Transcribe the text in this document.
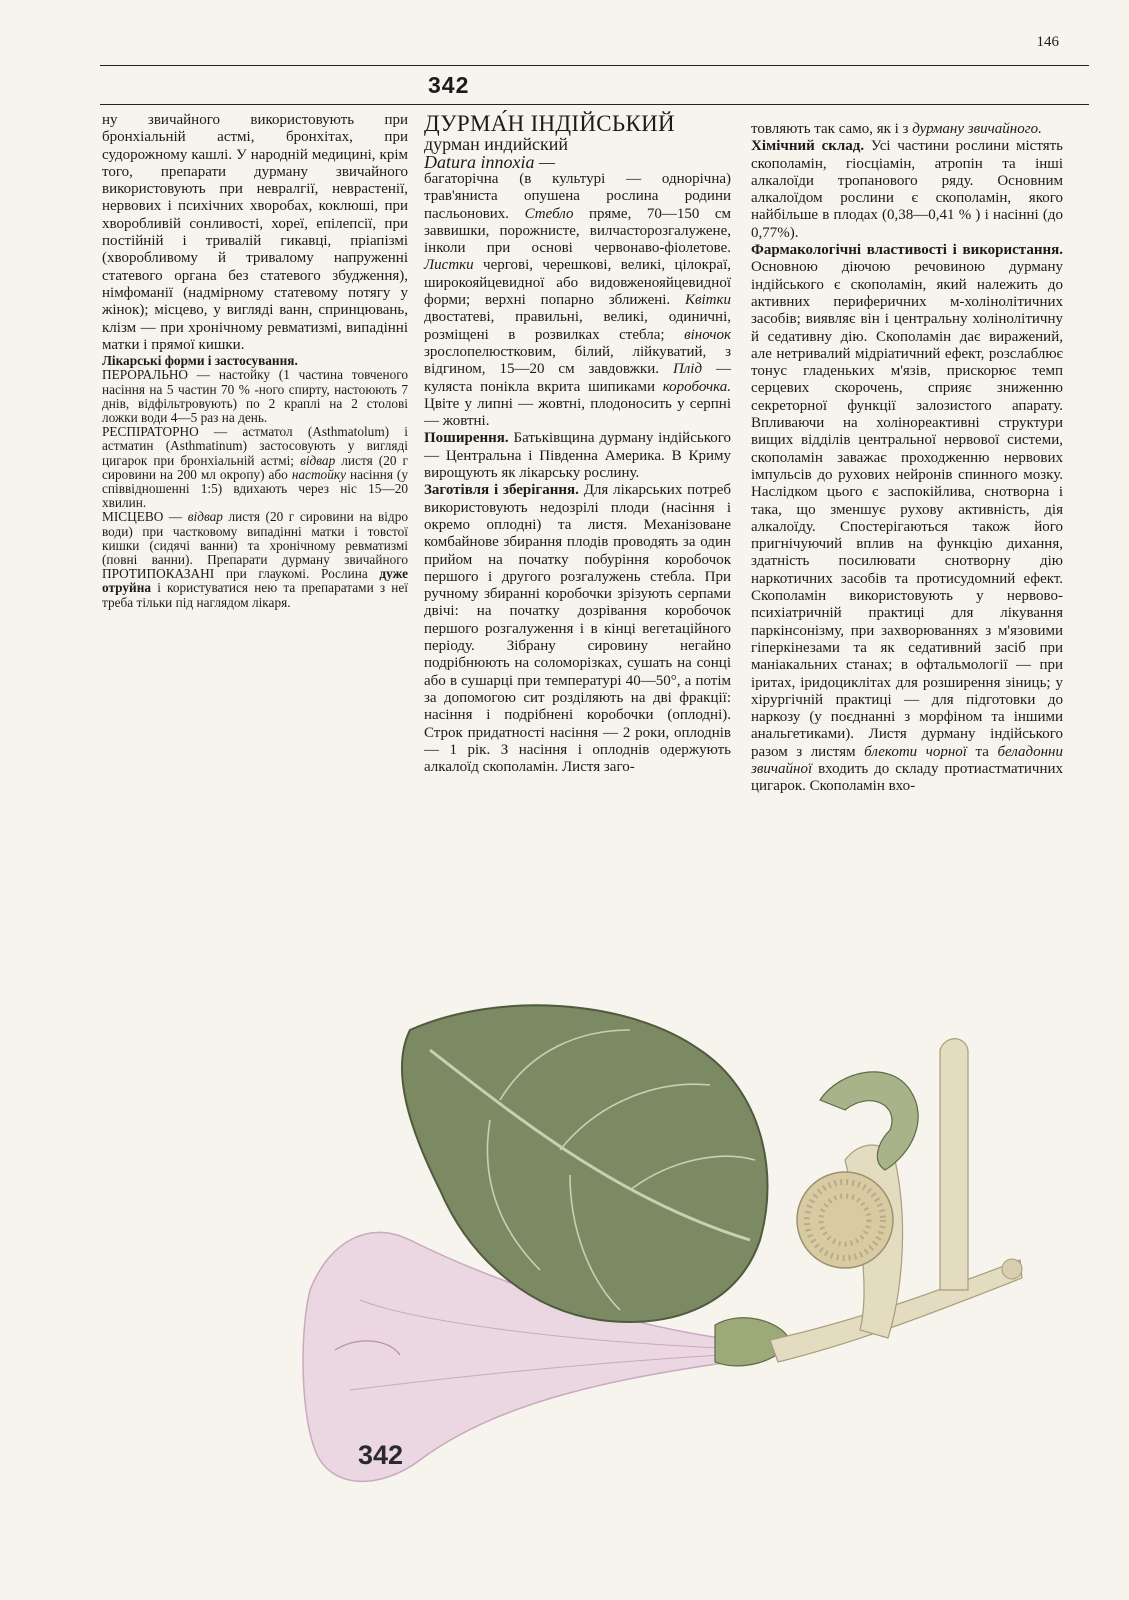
146
342

ну звичайного використовують при бронхіальній астмі, бронхітах, при судорожному кашлі. У народній медицині, крім того, препарати дурману звичайного використовують при невралгії, неврастенії, нервових і психічних хворобах, коклюші, при хворобливій сонливості, хореї, епілепсії, при постійній і тривалій гикавці, пріапізмі (хворобливому й тривалому напруженні статевого органа без статевого збудження), німфоманії (надмірному статевому потягу у жінок); місцево, у вигляді ванн, спринцювань, клізм — при хронічному ревматизмі, випадінні матки і прямої кишки.

Лікарські форми і застосування.

ПЕРОРАЛЬНО — настойку (1 частина товченого насіння на 5 частин 70 % -ного спирту, настоюють 7 днів, відфільтровують) по 2 краплі на 2 столові ложки води 4—5 раз на день.

РЕСПІРАТОРНО — астматол (Asthmatolum) і астматин (Asthmatinum) застосовують у вигляді цигарок при бронхіальній астмі; відвар листя (20 г сировини на 200 мл окропу) або настойку насіння (у співвідношенні 1:5) вдихають через ніс 15—20 хвилин.

МІСЦЕВО — відвар листя (20 г сировини на відро води) при частковому випадінні матки і товстої кишки (сидячі ванни) та хронічному ревматизмі (повні ванни). Препарати дурману звичайного ПРОТИПОКАЗАНІ при глаукомі. Рослина дуже отруйна і користуватися нею та препаратами з неї треба тільки під наглядом лікаря.

ДУРМА́Н ІНДІЙСЬКИЙ

дурман индийский

Datura innoxia —

багаторічна (в культурі — однорічна) трав'яниста опушена рослина родини пасльонових. Стебло пряме, 70—150 см заввишки, порожнисте, вилчасторозгалужене, інколи при основі червонаво-фіолетове. Листки чергові, черешкові, великі, цілокраї, широкояйцевидної або видовженояйцевидної форми; верхні попарно зближені. Квітки двостатеві, правильні, великі, одиничні, розміщені в розвилках стебла; віночок зрослопелюстковим, білий, лійкуватий, з відгином, 15—20 см завдовжки. Плід — куляста понікла вкрита шипиками коробочка. Цвіте у липні — жовтні, плодоносить у серпні — жовтні.

Поширення. Батьківщина дурману індійського — Центральна і Південна Америка. В Криму вирощують як лікарську рослину.

Заготівля і зберігання. Для лікарських потреб використовують недозрілі плоди (насіння і окремо оплодні) та листя. Механізоване комбайнове збирання плодів проводять за один прийом на початку побуріння коробочок першого і другого розгалужень стебла. При ручному збиранні коробочки зрізують серпами двічі: на початку дозрівання коробочок першого розгалуження і в кінці вегетаційного періоду. Зібрану сировину негайно подрібнюють на соломорізках, сушать на сонці або в сушарці при температурі 40—50°, а потім за допомогою сит розділяють на дві фракції: насіння і подрібнені коробочки (оплодні). Строк придатності насіння — 2 роки, оплоднів — 1 рік. З насіння і оплоднів одержують алкалоїд скополамін. Листя заго-

товляють так само, як і з дурману звичайного.

Хімічний склад. Усі частини рослини містять скополамін, гіосціамін, атропін та інші алкалоїди тропанового ряду. Основним алкалоїдом рослини є скополамін, якого найбільше в плодах (0,38—0,41 % ) і насінні (до 0,77%).

Фармакологічні властивості і використання. Основною діючою речовиною дурману індійського є скополамін, який належить до активних периферичних м-холінолітичних засобів; виявляє він і центральну холінолітичну й седативну дію. Скополамін дає виражений, але нетривалий мідріатичний ефект, розслаблює тонус гладеньких м'язів, прискорює темп серцевих скорочень, сприяє зниженню секреторної функції залозистого апарату. Впливаючи на холінореактивні структури вищих відділів центральної нервової системи, скополамін заважає проходженню нервових імпульсів до рухових нейронів спинного мозку. Наслідком цього є заспокійлива, снотворна і така, що зменшує рухову активність, дія алкалоїду. Спостерігаються також його пригнічуючий вплив на функцію дихання, здатність посилювати снотворну дію наркотичних засобів та протисудомний ефект. Скополамін використовують у нервово-психіатричній практиці для лікування паркінсонізму, при захворюваннях з м'язовими гіперкінезами та як седативний засіб при маніакальних станах; в офтальмології — при іритах, іридоциклітах для розширення зіниць; у хірургічній практиці — для підготовки до наркозу (у поєднанні з морфіном та іншими анальгетиками). Листя дурману індійського разом з листям блекоти чорної та беладонни звичайної входить до складу протиастматичних цигарок. Скополамін вхо-

342
